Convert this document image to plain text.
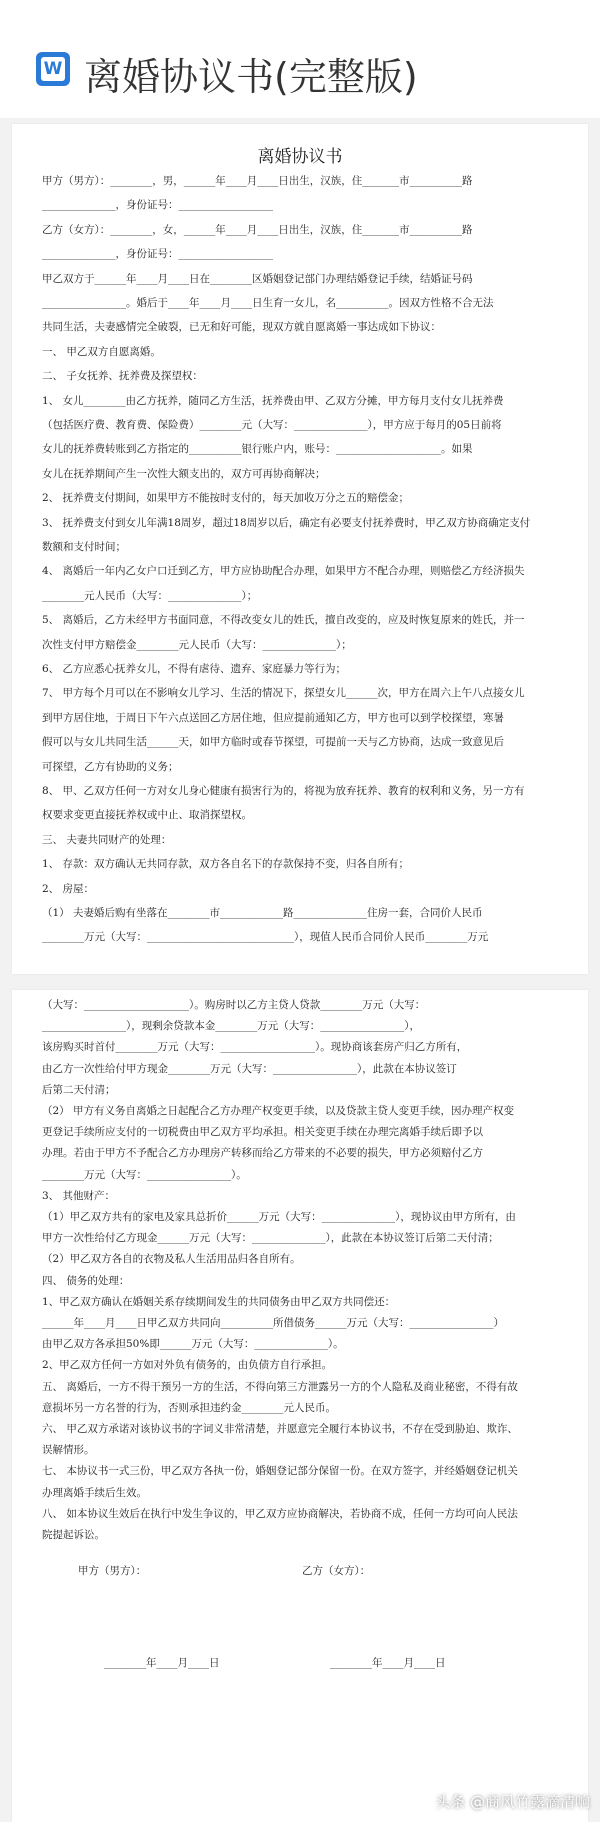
W 离婚协议书(完整版)
离婚协议书
甲方（男方）：________，男，______年____月____日出生，汉族，住_______市__________路
______________，身份证号：__________________
乙方（女方）：________，女，______年____月____日出生，汉族，住_______市__________路
______________，身份证号：__________________
甲乙双方于______年____月____日在________区婚姻登记部门办理结婚登记手续，结婚证号码
________________。婚后于____年____月____日生育一女儿，名__________。因双方性格不合无法
共同生活，夫妻感情完全破裂，已无和好可能，现双方就自愿离婚一事达成如下协议：
一、 甲乙双方自愿离婚。
二、 子女抚养、抚养费及探望权：
1、 女儿________由乙方抚养，随同乙方生活，抚养费由甲、乙双方分摊，甲方每月支付女儿抚养费
（包括医疗费、教育费、保险费）________元（大写：______________），甲方应于每月的05日前将
女儿的抚养费转账到乙方指定的__________银行账户内，账号：____________________。如果
女儿在抚养期间产生一次性大额支出的，双方可再协商解决；
2、 抚养费支付期间，如果甲方不能按时支付的，每天加收万分之五的赔偿金；
3、 抚养费支付到女儿年满18周岁，超过18周岁以后，确定有必要支付抚养费时，甲乙双方协商确定支付
数额和支付时间；
4、 离婚后一年内乙女户口迁到乙方，甲方应协助配合办理，如果甲方不配合办理，则赔偿乙方经济损失
________元人民币（大写：______________）；
5、 离婚后，乙方未经甲方书面同意，不得改变女儿的姓氏，擅自改变的，应及时恢复原来的姓氏，并一
次性支付甲方赔偿金________元人民币（大写：______________）；
6、 乙方应悉心抚养女儿，不得有虐待、遗弃、家庭暴力等行为；
7、 甲方每个月可以在不影响女儿学习、生活的情况下，探望女儿______次，甲方在周六上午八点接女儿
到甲方居住地，于周日下午六点送回乙方居住地，但应提前通知乙方，甲方也可以到学校探望，寒暑
假可以与女儿共同生活______天，如甲方临时或春节探望，可提前一天与乙方协商，达成一致意见后
可探望，乙方有协助的义务；
8、 甲、乙双方任何一方对女儿身心健康有损害行为的，将视为放弃抚养、教育的权利和义务，另一方有
权要求变更直接抚养权或中止、取消探望权。
三、 夫妻共同财产的处理：
1、 存款：双方确认无共同存款，双方各自名下的存款保持不变，归各自所有；
2、 房屋：
（1） 夫妻婚后购有坐落在________市____________路______________住房一套，合同价人民币
________万元（大写：____________________________），现值人民币合同价人民币________万元
甲方（男方）：	乙方（女方）：
________年____月____日	________年____月____日
（大写：____________________）。购房时以乙方主贷人贷款________万元（大写：
________________），现剩余贷款本金________万元（大写：________________），
该房购买时首付________万元（大写：__________________）。现协商该套房产归乙方所有，
由乙方一次性给付甲方现金________万元（大写：________________），此款在本协议签订
后第二天付清；
（2） 甲方有义务自离婚之日起配合乙方办理产权变更手续，以及贷款主贷人变更手续，因办理产权变
更登记手续所应支付的一切税费由甲乙双方平均承担。相关变更手续在办理完离婚手续后即予以
办理。若由于甲方不予配合乙方办理房产转移而给乙方带来的不必要的损失，甲方必须赔付乙方
________万元（大写：________________）。
3、 其他财产：
（1）甲乙双方共有的家电及家具总折价______万元（大写：______________），现协议由甲方所有，由
甲方一次性给付乙方现金______万元（大写：______________），此款在本协议签订后第二天付清；
（2）甲乙双方各自的衣物及私人生活用品归各自所有。
四、 债务的处理：
1、甲乙双方确认在婚姻关系存续期间发生的共同债务由甲乙双方共同偿还：
______年____月____日甲乙双方共同向__________所借债务______万元（大写：________________）
由甲乙双方各承担50%即______万元（大写：______________）。
2、甲乙双方任何一方如对外负有债务的，由负债方自行承担。
五、 离婚后，一方不得干预另一方的生活，不得向第三方泄露另一方的个人隐私及商业秘密，不得有故
意损坏另一方名誉的行为，否则承担违约金________元人民币。
六、 甲乙双方承诺对该协议书的字词义非常清楚，并愿意完全履行本协议书，不存在受到胁迫、欺诈、
误解情形。
七、 本协议书一式三份，甲乙双方各执一份，婚姻登记部分保留一份。在双方签字，并经婚姻登记机关
办理离婚手续后生效。
八、 如本协议生效后在执行中发生争议的，甲乙双方应协商解决，若协商不成，任何一方均可向人民法
院提起诉讼。
头条 @商风竹露滴清响
